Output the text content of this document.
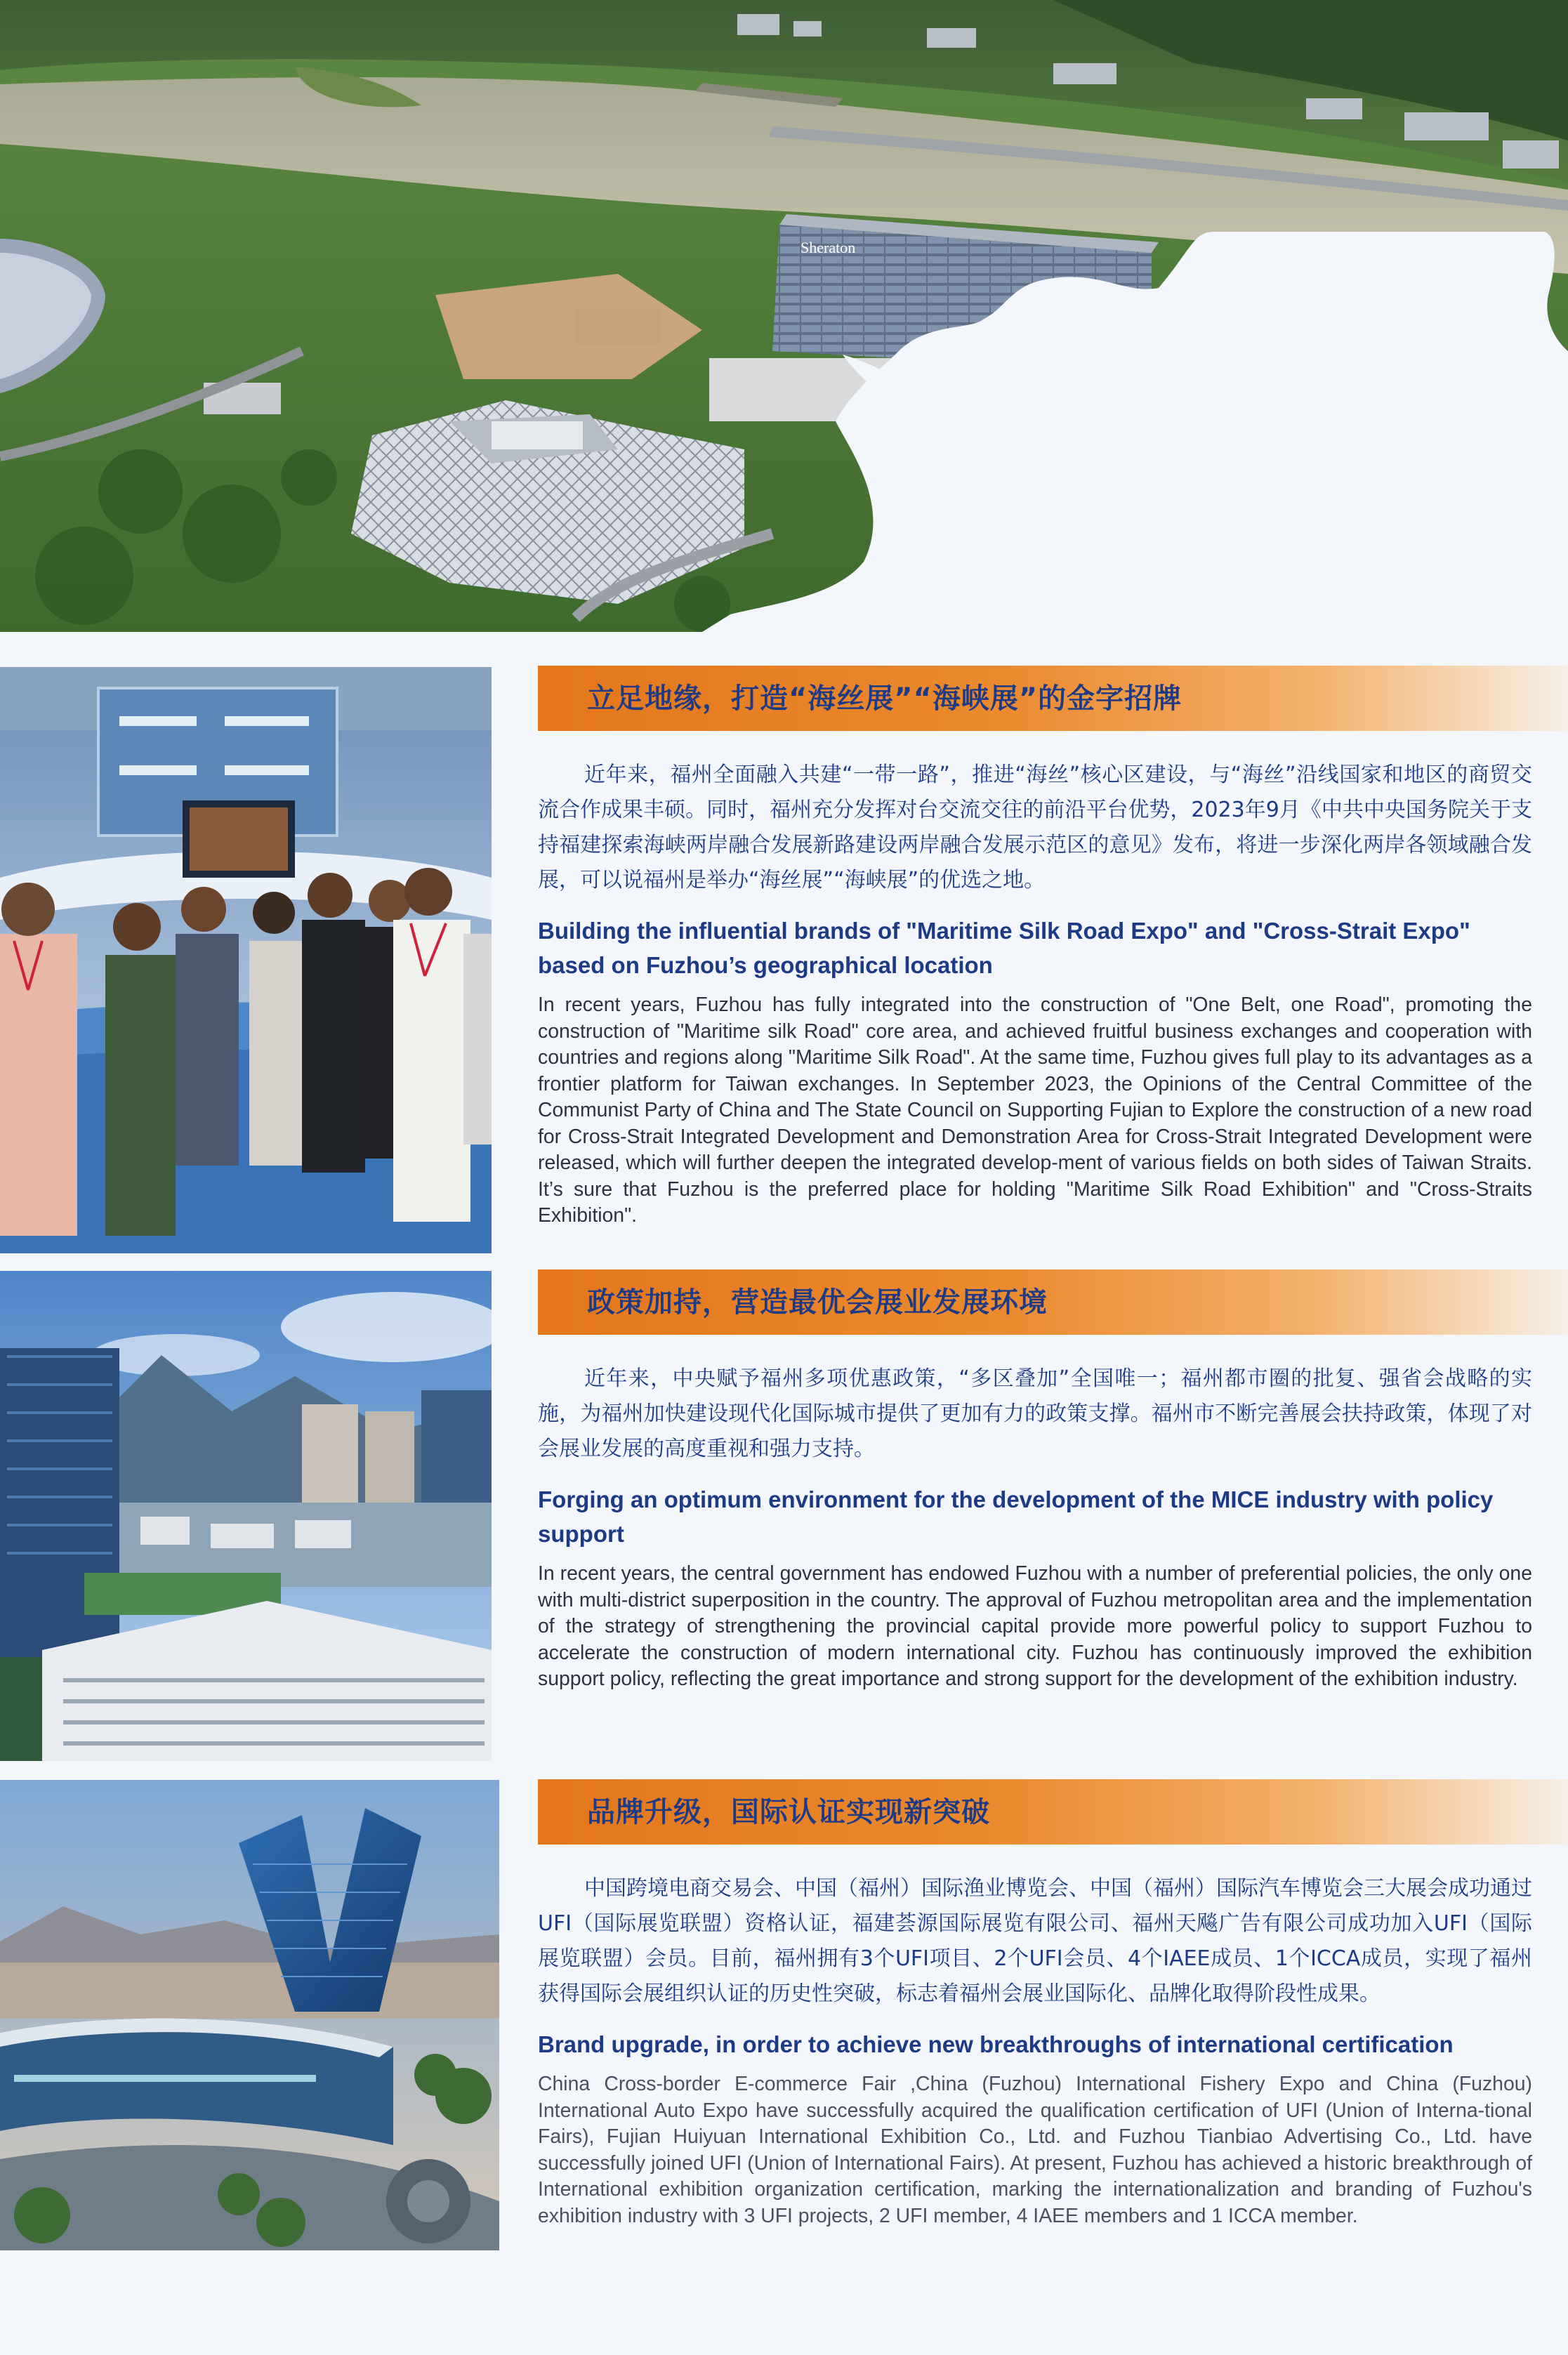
Sheraton
立足地缘，打造“海丝展”“海峡展”的金字招牌

近年来，福州全面融入共建“一带一路”，推进“海丝”核心区建设，与“海丝”沿线国家和地区的商贸交流合作成果丰硕。同时，福州充分发挥对台交流交往的前沿平台优势，2023年9月《中共中央国务院关于支持福建探索海峡两岸融合发展新路建设两岸融合发展示范区的意见》发布，将进一步深化两岸各领域融合发展，可以说福州是举办“海丝展”“海峡展”的优选之地。

Building the influential brands of "Maritime Silk Road Expo" and "Cross-Strait Expo" based on Fuzhou’s geographical location

In recent years, Fuzhou has fully integrated into the construction of "One Belt, one Road", promoting the construction of "Maritime silk Road" core area, and achieved fruitful business exchanges and cooperation with countries and regions along "Maritime Silk Road". At the same time, Fuzhou gives full play to its advantages as a frontier platform for Taiwan exchanges. In September 2023, the Opinions of the Central Committee of the Communist Party of China and The State Council on Supporting Fujian to Explore the construction of a new road for Cross-Strait Integrated Development and Demonstration Area for Cross-Strait Integrated Development were released, which will further deepen the integrated develop-ment of various fields on both sides of Taiwan Straits. It’s sure that Fuzhou is the preferred place for holding "Maritime Silk Road Exhibition" and "Cross-Straits Exhibition".

政策加持，营造最优会展业发展环境

近年来，中央赋予福州多项优惠政策，“多区叠加”全国唯一；福州都市圈的批复、强省会战略的实施，为福州加快建设现代化国际城市提供了更加有力的政策支撑。福州市不断完善展会扶持政策，体现了对会展业发展的高度重视和强力支持。

Forging an optimum environment for the development of the MICE industry with policy support

In recent years, the central government has endowed Fuzhou with a number of preferential policies, the only one with multi-district superposition in the country. The approval of Fuzhou metropolitan area and the implementation of the strategy of strengthening the provincial capital provide more powerful policy to support Fuzhou to accelerate the construction of modern international city. Fuzhou has continuously improved the exhibition support policy, reflecting the great importance and strong support for the development of the exhibition industry.

品牌升级，国际认证实现新突破

中国跨境电商交易会、中国（福州）国际渔业博览会、中国（福州）国际汽车博览会三大展会成功通过UFI（国际展览联盟）资格认证，福建荟源国际展览有限公司、福州天飚广告有限公司成功加入UFI（国际展览联盟）会员。目前，福州拥有3个UFI项目、2个UFI会员、4个IAEE成员、1个ICCA成员，实现了福州获得国际会展组织认证的历史性突破，标志着福州会展业国际化、品牌化取得阶段性成果。

Brand upgrade, in order to achieve new breakthroughs of international certification

China Cross-border E-commerce Fair ,China (Fuzhou) International Fishery Expo and China (Fuzhou) International Auto Expo have successfully acquired the qualification certification of UFI (Union of Interna-tional Fairs), Fujian Huiyuan International Exhibition Co., Ltd. and Fuzhou Tianbiao Advertising Co., Ltd. have successfully joined UFI (Union of International Fairs). At present, Fuzhou has achieved a historic breakthrough of International exhibition organization certification, marking the internationalization and branding of Fuzhou's exhibition industry with 3 UFI projects, 2 UFI member, 4 IAEE members and 1 ICCA member.
